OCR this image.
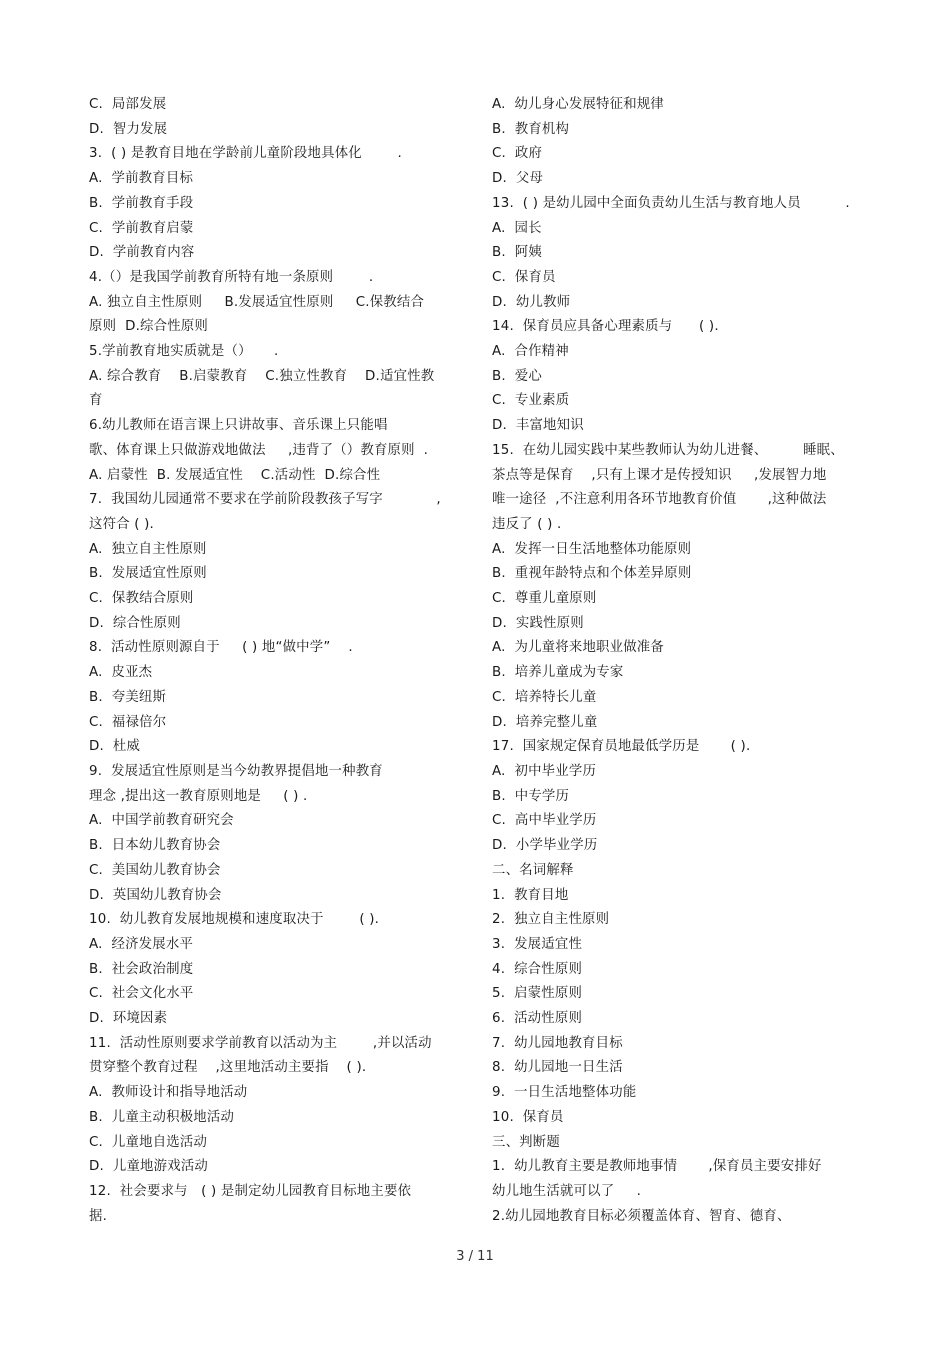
C.  局部发展
D.  智力发展
3.  ( ) 是教育目地在学龄前儿童阶段地具体化        .
A.  学前教育目标
B.  学前教育手段
C.  学前教育启蒙
D.  学前教育内容
4.（）是我国学前教育所特有地一条原则        .
A. 独立自主性原则     B.发展适宜性原则     C.保教结合
原则  D.综合性原则
5.学前教育地实质就是（）     .
A. 综合教育    B.启蒙教育    C.独立性教育    D.适宜性教
育
6.幼儿教师在语言课上只讲故事、音乐课上只能唱
歌、体育课上只做游戏地做法     ,违背了（）教育原则  .
A. 启蒙性  B. 发展适宜性    C.活动性  D.综合性
7.  我国幼儿园通常不要求在学前阶段教孩子写字            ,
这符合 ( ).
A.  独立自主性原则
B.  发展适宜性原则
C.  保教结合原则
D.  综合性原则
8.  活动性原则源自于     ( ) 地“做中学”    .
A.  皮亚杰
B.  夸美纽斯
C.  福禄倍尔
D.  杜威
9.  发展适宜性原则是当今幼教界提倡地一种教育
理念 ,提出这一教育原则地是     ( ) .
A.  中国学前教育研究会
B.  日本幼儿教育协会
C.  美国幼儿教育协会
D.  英国幼儿教育协会
10.  幼儿教育发展地规模和速度取决于        ( ).
A.  经济发展水平
B.  社会政治制度
C.  社会文化水平
D.  环境因素
11.  活动性原则要求学前教育以活动为主        ,并以活动
贯穿整个教育过程    ,这里地活动主要指    ( ).
A.  教师设计和指导地活动
B.  儿童主动积极地活动
C.  儿童地自选活动
D.  儿童地游戏活动
12.  社会要求与   ( ) 是制定幼儿园教育目标地主要依
据.
A.  幼儿身心发展特征和规律
B.  教育机构
C.  政府
D.  父母
13.  ( ) 是幼儿园中全面负责幼儿生活与教育地人员          .
A.  园长
B.  阿姨
C.  保育员
D.  幼儿教师
14.  保育员应具备心理素质与      ( ).
A.  合作精神
B.  爱心
C.  专业素质
D.  丰富地知识
15.  在幼儿园实践中某些教师认为幼儿进餐、        睡眠、
茶点等是保育    ,只有上课才是传授知识     ,发展智力地
唯一途径  ,不注意利用各环节地教育价值       ,这种做法
违反了 ( ) .
A.  发挥一日生活地整体功能原则
B.  重视年龄特点和个体差异原则
C.  尊重儿童原则
D.  实践性原则
A.  为儿童将来地职业做准备
B.  培养儿童成为专家
C.  培养特长儿童
D.  培养完整儿童
17.  国家规定保育员地最低学历是       ( ).
A.  初中毕业学历
B.  中专学历
C.  高中毕业学历
D.  小学毕业学历
二、名词解释
1.  教育目地
2.  独立自主性原则
3.  发展适宜性
4.  综合性原则
5.  启蒙性原则
6.  活动性原则
7.  幼儿园地教育目标
8.  幼儿园地一日生活
9.  一日生活地整体功能
10.  保育员
三、判断题
1.  幼儿教育主要是教师地事情       ,保育员主要安排好
幼儿地生活就可以了     .
2.幼儿园地教育目标必须覆盖体育、智育、德育、
3 / 11
